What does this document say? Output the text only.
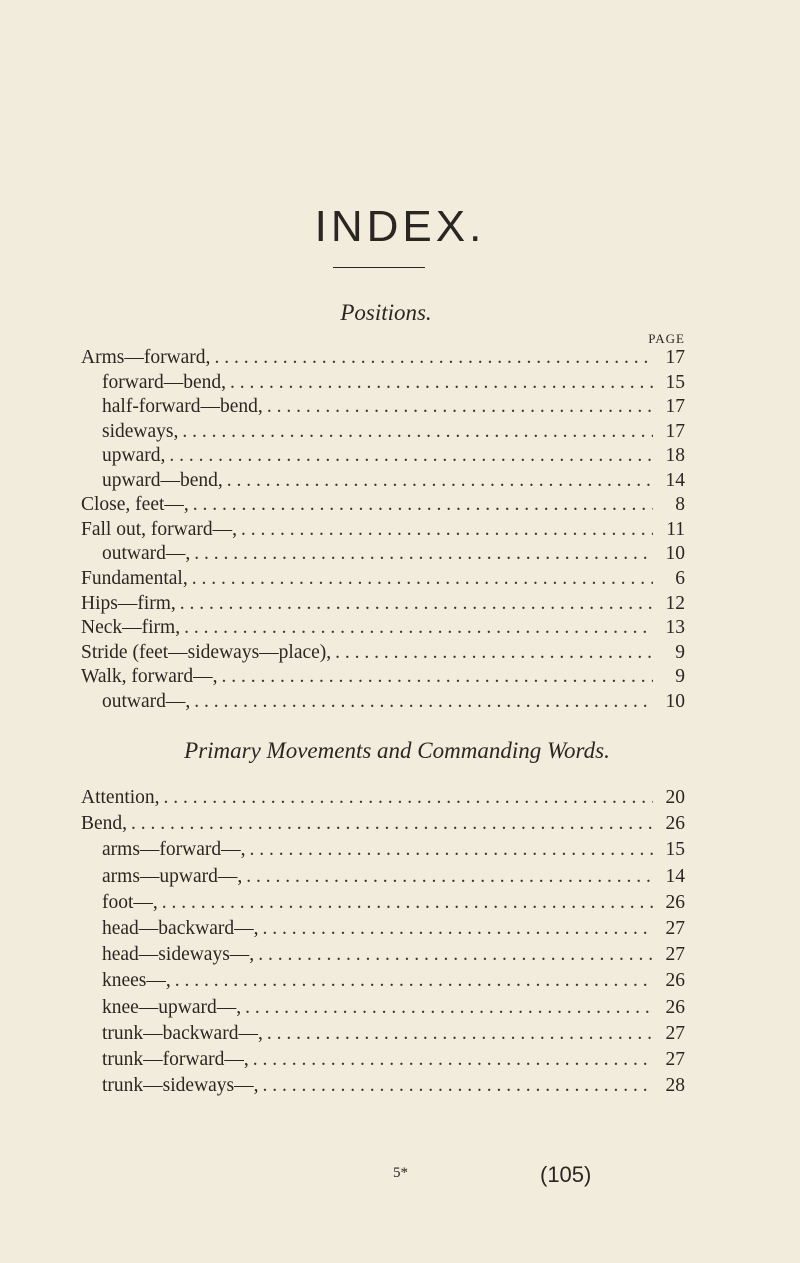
INDEX.
Positions.
PAGE
Arms—forward, . . .	17
forward—bend, . . .	15
half-forward—bend, . . .	17
sideways, . . .	17
upward, . . .	18
upward—bend, . . .	14
Close, feet—, . . .	8
Fall out, forward—, . . .	11
outward—, . . .	10
Fundamental, . . .	6
Hips—firm, . . .	12
Neck—firm, . . .	13
Stride (feet—sideways—place), . . .	9
Walk, forward—, . . .	9
outward—, . . .	10
Primary Movements and Commanding Words.
Attention, . . .	20
Bend, . . .	26
arms—forward—, . . .	15
arms—upward—, . . .	14
foot—, . . .	26
head—backward—, . . .	27
head—sideways—, . . .	27
knees—, . . .	26
knee—upward—, . . .	26
trunk—backward—, . . .	27
trunk—forward—, . . .	27
trunk—sideways—, . . .	28
5*	(105)
